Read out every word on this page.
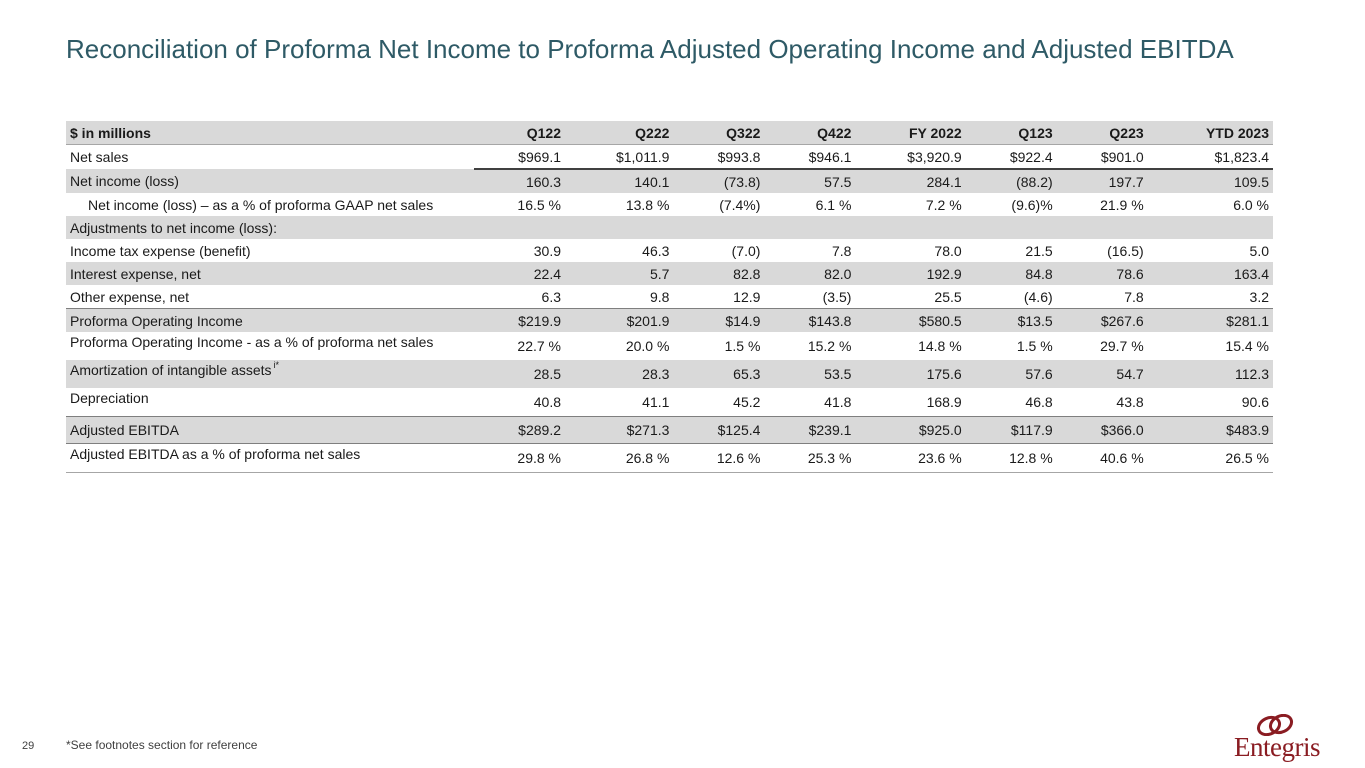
Reconciliation of Proforma Net Income to Proforma Adjusted Operating Income and Adjusted EBITDA
$ in millions	Q122	Q222	Q322	Q422	FY 2022	Q123	Q223	YTD 2023
Net sales	$969.1	$1,011.9	$993.8	$946.1	$3,920.9	$922.4	$901.0	$1,823.4
Net income (loss)	160.3	140.1	(73.8)	57.5	284.1	(88.2)	197.7	109.5
Net income (loss) – as a % of proforma GAAP net sales	16.5 %	13.8 %	(7.4%)	6.1 %	7.2 %	(9.6)%	21.9 %	6.0 %
Adjustments to net income (loss):								
Income tax expense (benefit)	30.9	46.3	(7.0)	7.8	78.0	21.5	(16.5)	5.0
Interest expense, net	22.4	5.7	82.8	82.0	192.9	84.8	78.6	163.4
Other expense, net	6.3	9.8	12.9	(3.5)	25.5	(4.6)	7.8	3.2
Proforma Operating Income	$219.9	$201.9	$14.9	$143.8	$580.5	$13.5	$267.6	$281.1
Proforma Operating Income - as a % of proforma net sales	22.7 %	20.0 %	1.5 %	15.2 %	14.8 %	1.5 %	29.7 %	15.4 %
Amortization of intangible assets $^{i*}$	28.5	28.3	65.3	53.5	175.6	57.6	54.7	112.3
Depreciation	40.8	41.1	45.2	41.8	168.9	46.8	43.8	90.6
Adjusted EBITDA	$289.2	$271.3	$125.4	$239.1	$925.0	$117.9	$366.0	$483.9
Adjusted EBITDA as a % of proforma net sales	29.8 %	26.8 %	12.6 %	25.3 %	23.6 %	12.8 %	40.6 %	26.5 %
29	*See footnotes section for reference	Entegris
